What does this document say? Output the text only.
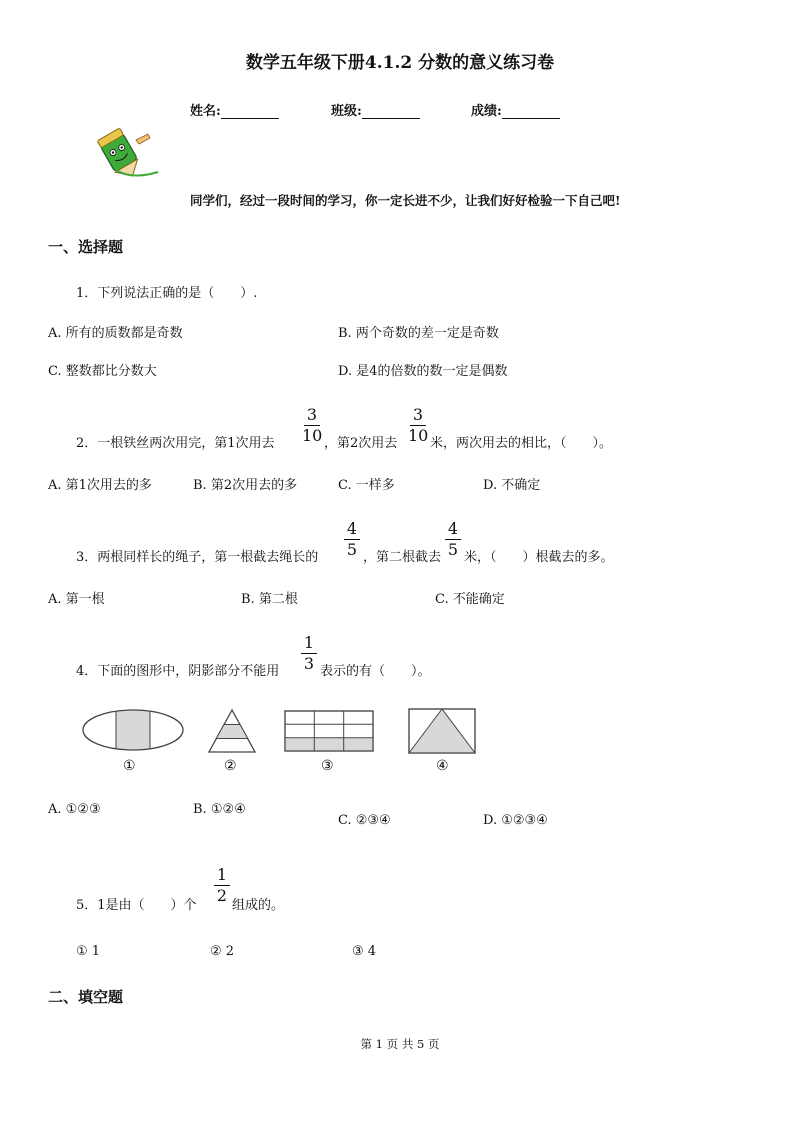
数学五年级下册4.1.2 分数的意义练习卷
姓名:	班级:	成绩:
同学们，经过一段时间的学习，你一定长进不少，让我们好好检验一下自己吧!
一、选择题
1．下列说法正确的是（　　）.
A. 所有的质数都是奇数	B. 两个奇数的差一定是奇数
C. 整数都比分数大	D. 是4的倍数的数一定是偶数
2．一根铁丝两次用完，第1次用去
3
10 ，第2次用去
3
10 米，两次用去的相比，（　　）。
A. 第1次用去的多	B. 第2次用去的多	C. 一样多	D. 不确定
3．两根同样长的绳子，第一根截去绳长的
4
5 ，第二根截去
4
5 米，（　　）根截去的多。
A. 第一根	B. 第二根	C. 不能确定
4．下面的图形中，阴影部分不能用
1
3 表示的有（　　）。
①	②	③	④
A. ①②③	B. ①②④
C. ②③④	D. ①②③④
5．1是由（　　）个
1
2
组成的。
① 1	② 2	③ 4
二、填空题
第 1 页 共 5 页
